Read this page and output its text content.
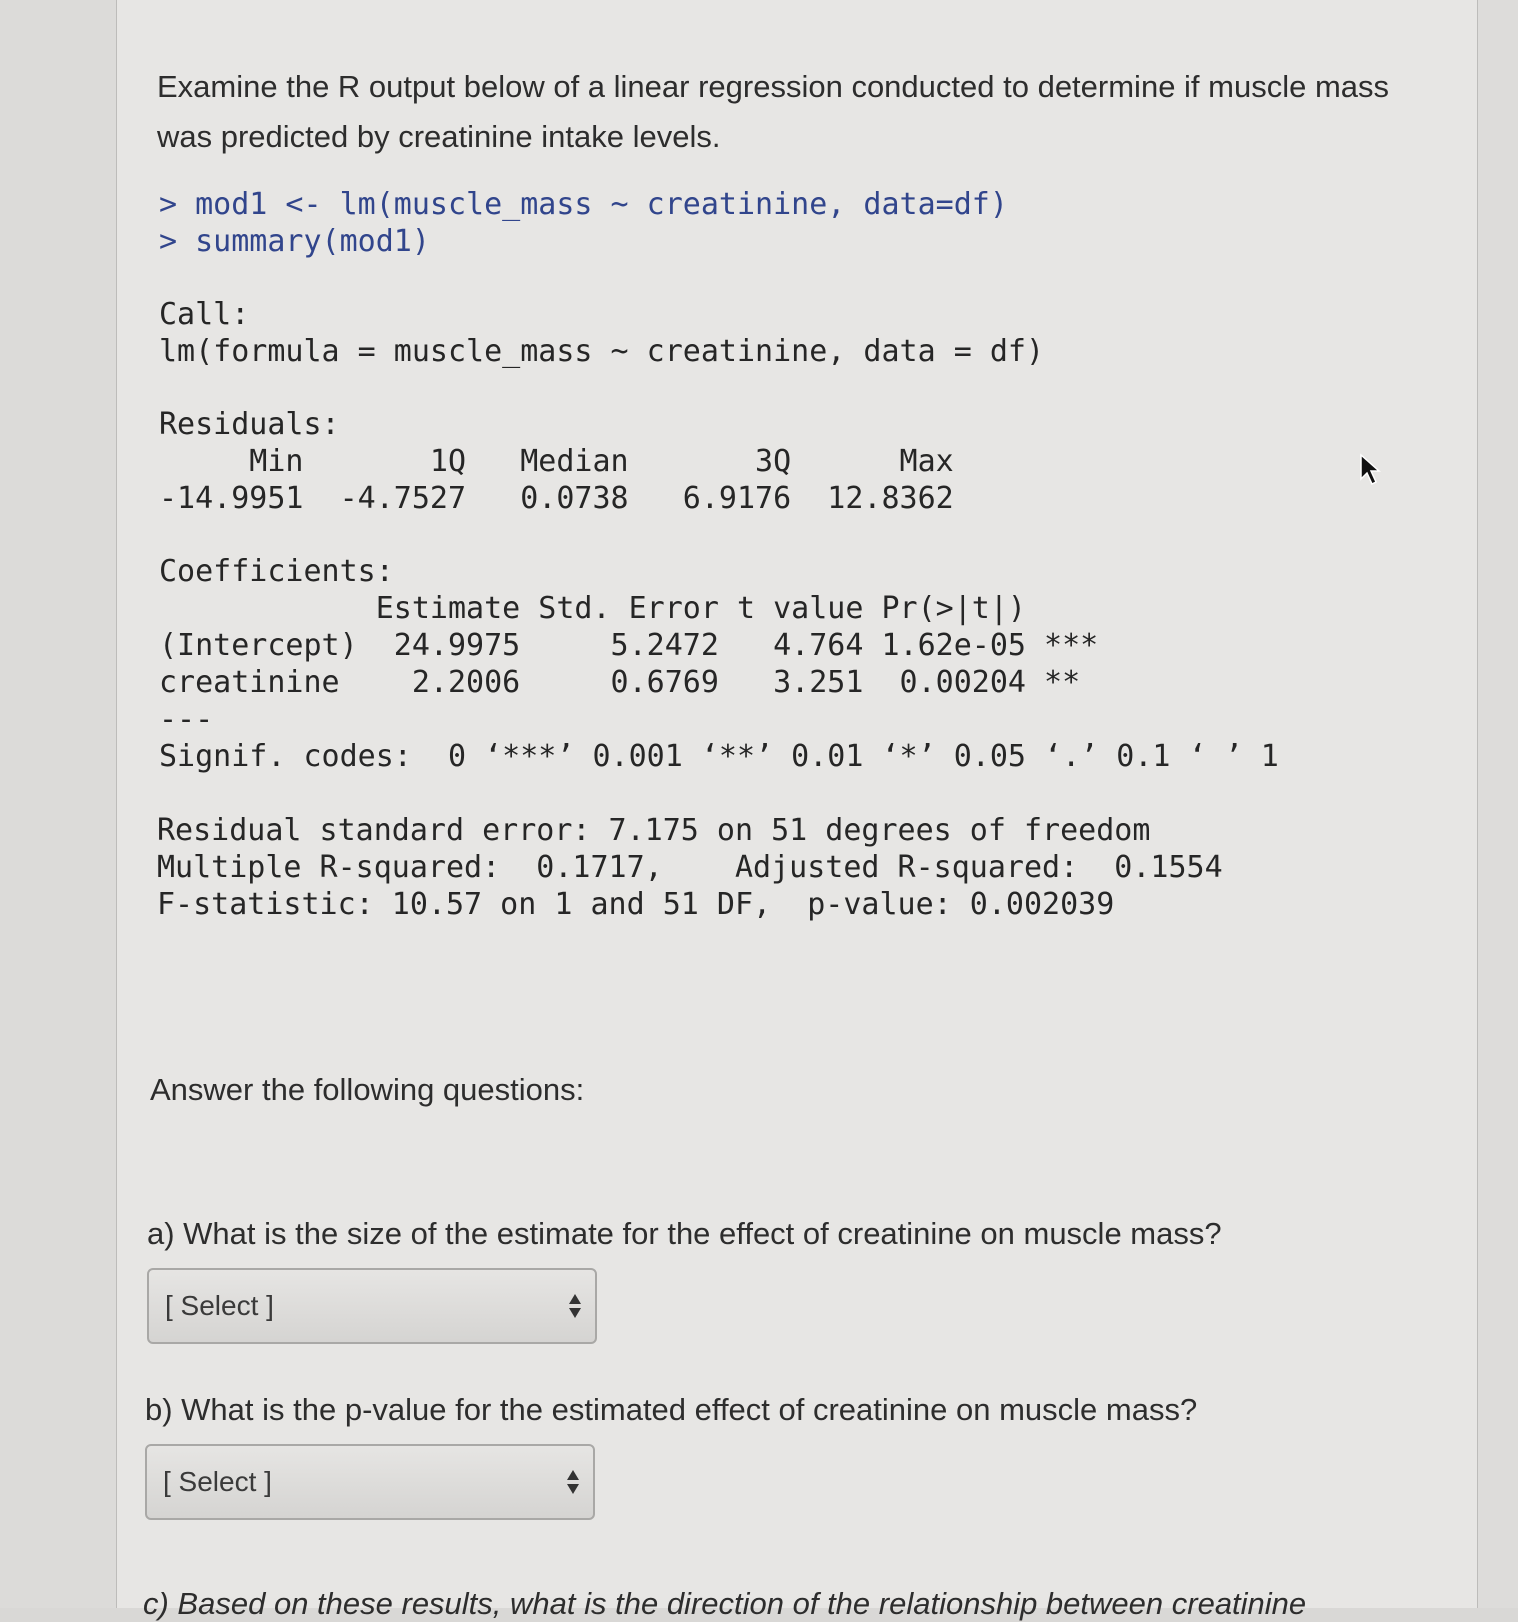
Examine the R output below of a linear regression conducted to determine if muscle mass was predicted by creatinine intake levels.
> mod1 <- lm(muscle_mass ~ creatinine, data=df)
> summary(mod1)
Call:
lm(formula = muscle_mass ~ creatinine, data = df)
Residuals:
Min       1Q   Median       3Q      Max
-14.9951  -4.7527   0.0738   6.9176  12.8362
Coefficients:
Estimate Std. Error t value Pr(>|t|)
(Intercept)  24.9975     5.2472   4.764 1.62e-05 ***
creatinine    2.2006     0.6769   3.251  0.00204 **
---
Signif. codes:  0 ‘***’ 0.001 ‘**’ 0.01 ‘*’ 0.05 ‘.’ 0.1 ‘ ’ 1
Residual standard error: 7.175 on 51 degrees of freedom
Multiple R-squared:  0.1717,    Adjusted R-squared:  0.1554
F-statistic: 10.57 on 1 and 51 DF,  p-value: 0.002039
Answer the following questions:
a) What is the size of the estimate for the effect of creatinine on muscle mass?
[ Select ]
b) What is the p-value for the estimated effect of creatinine on muscle mass?
[ Select ]
c) Based on these results, what is the direction of the relationship between creatinine
